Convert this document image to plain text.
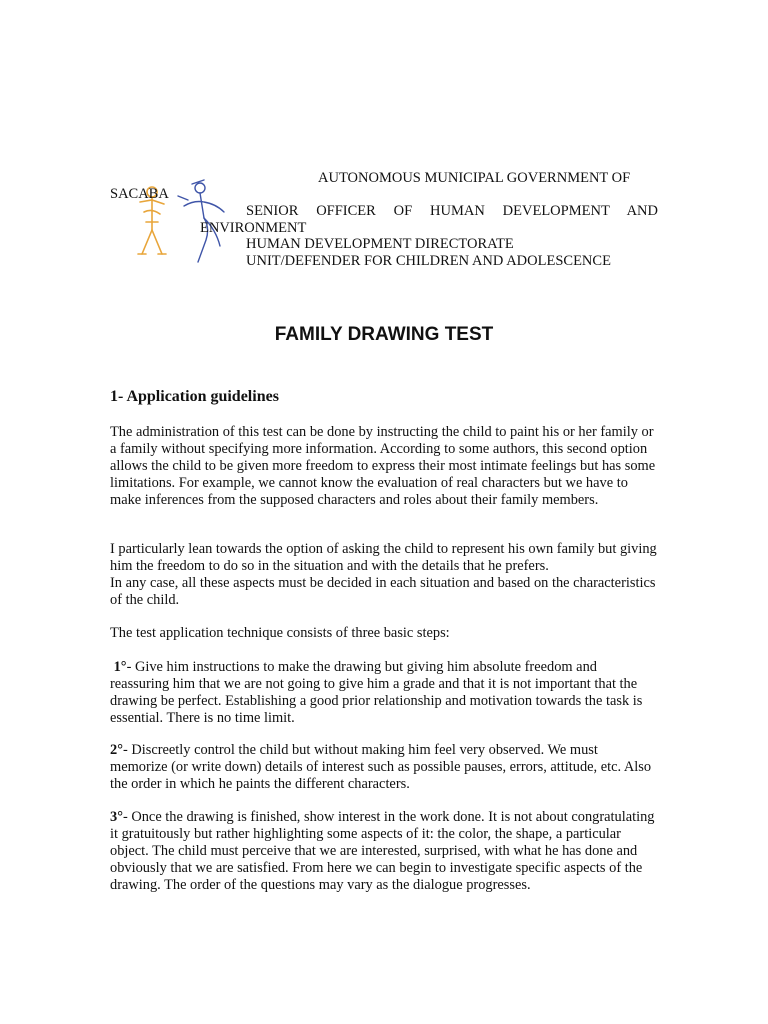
AUTONOMOUS MUNICIPAL GOVERNMENT OF
SACABA
SENIOR OFFICER OF HUMAN DEVELOPMENT AND
ENVIRONMENT
HUMAN DEVELOPMENT DIRECTORATE
UNIT/DEFENDER FOR CHILDREN AND ADOLESCENCE
FAMILY DRAWING TEST
1- Application guidelines
The administration of this test can be done by instructing the child to paint his or her family or a family without specifying more information. According to some authors, this second option allows the child to be given more freedom to express their most intimate feelings but has some limitations. For example, we cannot know the evaluation of real characters but we have to make inferences from the supposed characters and roles about their family members.
I particularly lean towards the option of asking the child to represent his own family but giving him the freedom to do so in the situation and with the details that he prefers.
In any case, all these aspects must be decided in each situation and based on the characteristics of the child.
The test application technique consists of three basic steps:
1°- Give him instructions to make the drawing but giving him absolute freedom and reassuring him that we are not going to give him a grade and that it is not important that the drawing be perfect. Establishing a good prior relationship and motivation towards the task is essential. There is no time limit.
2°- Discreetly control the child but without making him feel very observed. We must memorize (or write down) details of interest such as possible pauses, errors, attitude, etc. Also the order in which he paints the different characters.
3°- Once the drawing is finished, show interest in the work done. It is not about congratulating it gratuitously but rather highlighting some aspects of it: the color, the shape, a particular object. The child must perceive that we are interested, surprised, with what he has done and obviously that we are satisfied. From here we can begin to investigate specific aspects of the drawing. The order of the questions may vary as the dialogue progresses.
